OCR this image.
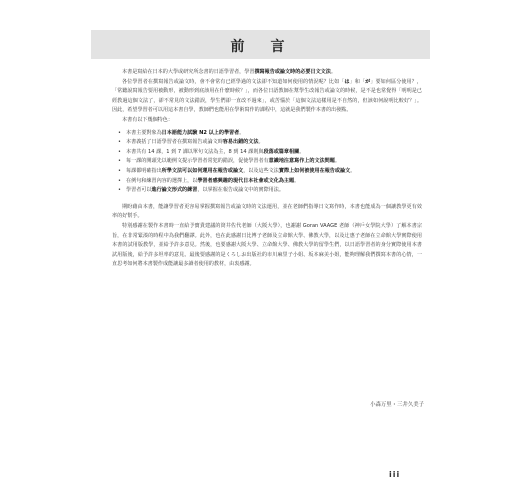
前　言

本書是寫給在日本的大學或研究所念書的日語學習者，學習撰寫報告或論文時的必要日文文法。

各位學習者在撰寫報告或論文時，會不會常有已經學過的文法卻不知道如何使用的情況呢？比如「は」和「が」要如何區分使用？，「常聽說寫報告要用被動形，被動形到底該用在什麼時候？」，而各位日語教師在幫學生改報告或論文的時候，是不是也常覺得「明明是已經教過這個文法了，卻不常見的文法錯誤，學生們卻一直改不過來」，或苦惱於「這個文法這樣用是不自然的，但該如何說明比較好？」。因此，希望學習者可以用這本書自學，教師們也能用在學術寫作的課程中，這就是我們製作本書的出發點。

本書有以下幾個特色：

• 本書主要對象為日本語能力試験 N2 以上的學習者。
• 本書義括了日語學習者在撰寫報告或論文時容易出錯的文法。
• 本書共有 14 課，1 到 7 課以單句文法為主，8 到 14 課則與段落或篇章相關。
• 每一課的開頭先以範例文提示學習者常犯的錯誤，促使學習者有意識地注意寫作上的文法問題。
• 每課都明確指出所學文法可以如何運用在報告或論文，以及這些文法實際上如何被使用在報告或論文。
• 在例句和練習內容的選擇上，以學習者感興趣的現代日本社會或文化為主題。
• 學習者可以進行論文形式的練習，以掌握在報告或論文中的實際用法。

期盼藉由本書，能讓學習者更容易掌握撰寫報告或論文時的文法運用，並在老師們指導日文寫作時，本書也能成為一個讓教學更有效率的好幫手。

特別感謝在製作本書時一直給予寶貴建議的筒井佐代老師（大阪大學），也謝謝 Goran VAAGE 老師（神戶女學院大學）了解本書宗旨，在非常緊湊的時程中為我們翻譯。此外，也在此感謝日比博子老師及立命館大學、佛教大學，以及辻惠子老師在立命館大學實際使用本書的試用版教學，並給予許多意見。然後，也要感謝大阪大學、立命館大學、佛教大學的留學生們，以日語學習者的身分實際使用本書試用版後，給予許多坦率的意見。最後要感謝的是くろしお出版社的市川麻里子小姐、坂本麻美小姐，能夠理解我們撰寫本書的心情，一直思考如何將本書製作成能讓最多讀者使用的教材，由衷感謝。

小森万里・三井久美子
iii
